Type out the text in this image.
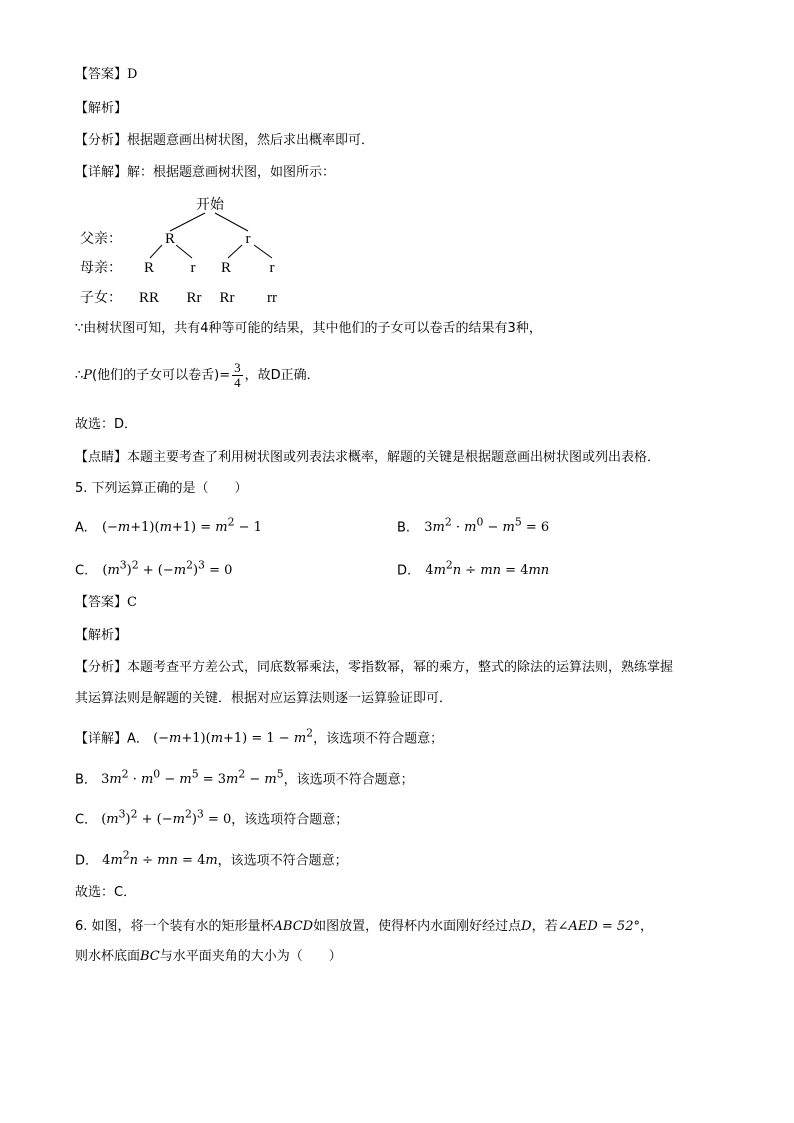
【答案】D
【解析】
【分析】根据题意画出树状图，然后求出概率即可．
【详解】解：根据题意画树状图，如图所示：
开始
R	r
R r R	r
RR Rr Rr rr
父亲：
母亲：
子女：
∵由树状图可知，共有4种等可能的结果，其中他们的子女可以卷舌的结果有3种，
∴P(他们的子女可以卷舌)= $\frac{3}{4}$ ，故D正确．
故选：D．
【点睛】本题主要考查了利用树状图或列表法求概率，解题的关键是根据题意画出树状图或列出表格．
5. 下列运算正确的是（　　）
A. $(-m+1)(m+1) = m^2 - 1$	B. $3m^2 \cdot m^0 - m^5 = 6$
C. $(m^3)^2 + (-m^2)^3 = 0$	D. $4m^2n$ ÷ mn = 4mn
【答案】C
【解析】
【分析】本题考查平方差公式，同底数幂乘法，零指数幂，幂的乘方，整式的除法的运算法则，熟练掌握
其运算法则是解题的关键．根据对应运算法则逐一运算验证即可．
【详解】A． $(-m+1)(m+1) = 1 - m^2$，该选项不符合题意；
B． $3m^2 \cdot m^0 - m^5 = 3m^2 - m^5$，该选项不符合题意；
C． $(m^3)^2 + (-m^2)^3 = 0$，该选项符合题意；
D． $4m^2n$ ÷ mn = 4m，该选项不符合题意；
故选：C．
6. 如图，将一个装有水的矩形量杯ABCD如图放置，使得杯内水面刚好经过点D，若∠AED = 52°，
则水杯底面BC与水平面夹角的大小为（　　）
